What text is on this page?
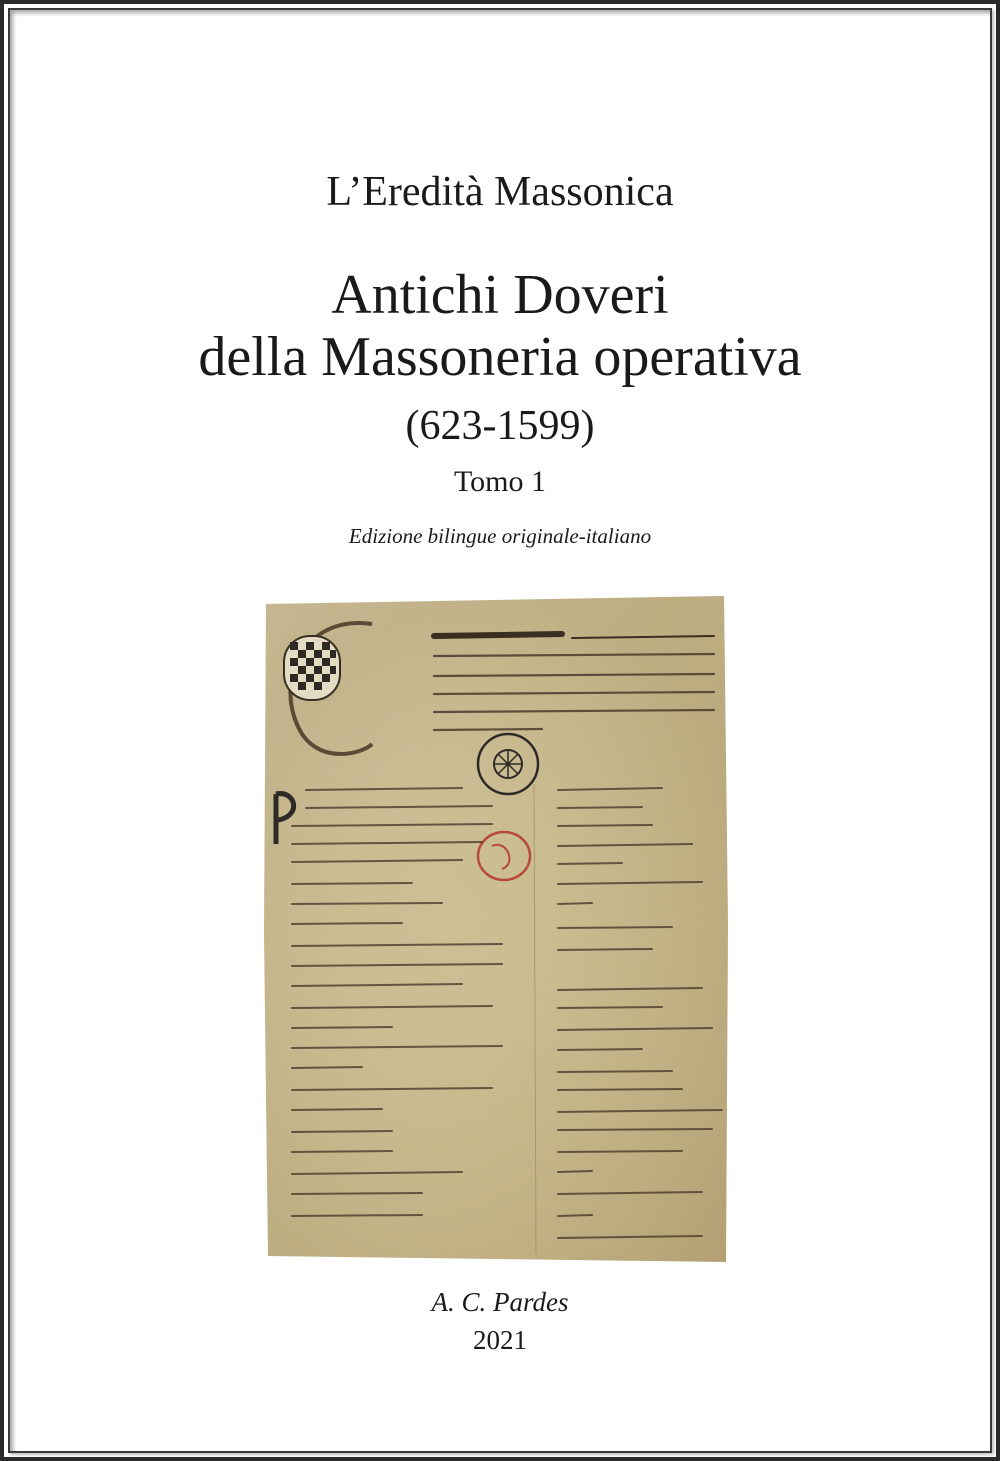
L’Eredità Massonica
Antichi Doveri
della Massoneria operativa
(623-1599)
Tomo 1
Edizione bilingue originale-italiano
A. C. Pardes
2021
